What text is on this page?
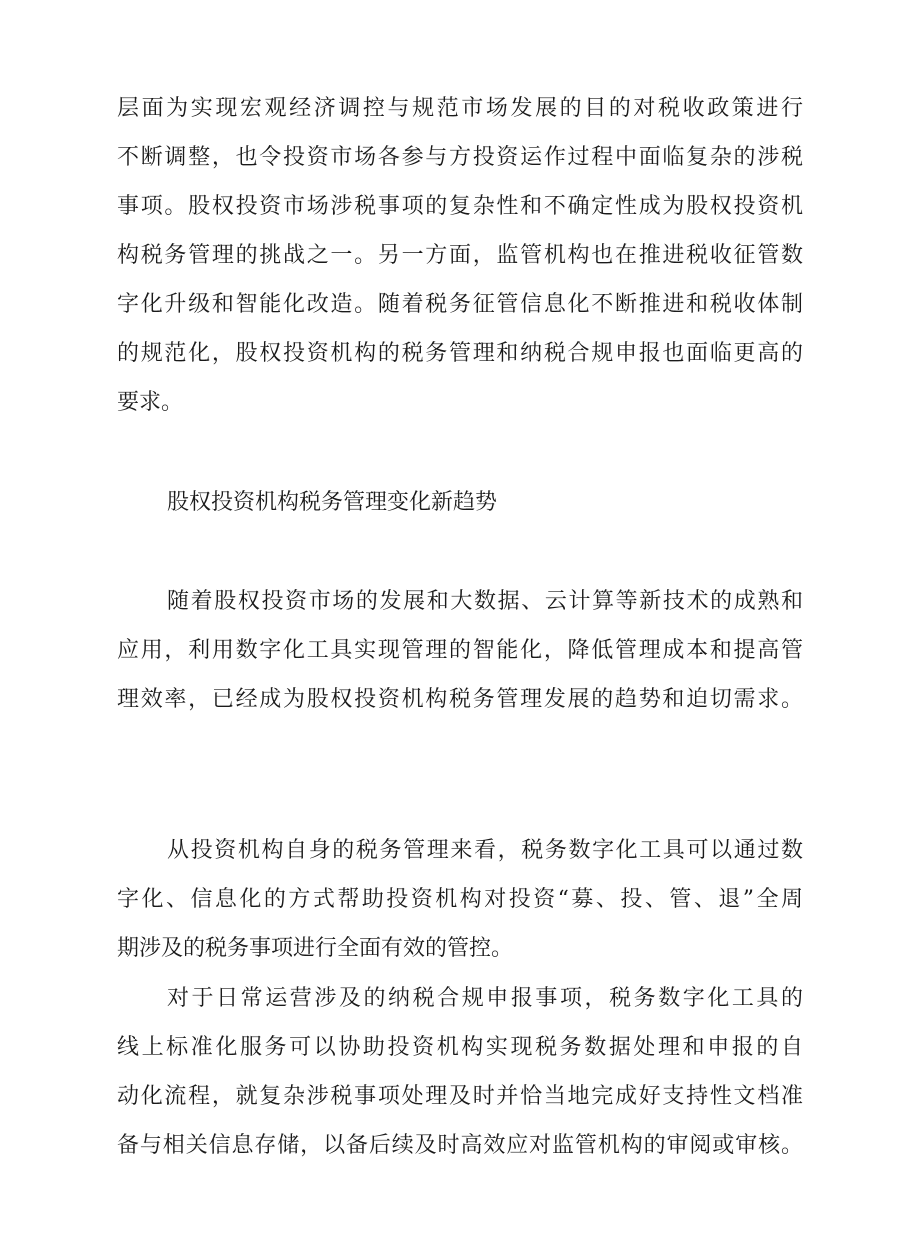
层面为实现宏观经济调控与规范市场发展的目的对税收政策进行

不断调整，也令投资市场各参与方投资运作过程中面临复杂的涉税

事项。股权投资市场涉税事项的复杂性和不确定性成为股权投资机

构税务管理的挑战之一。另一方面，监管机构也在推进税收征管数

字化升级和智能化改造。随着税务征管信息化不断推进和税收体制

的规范化，股权投资机构的税务管理和纳税合规申报也面临更高的

要求。

股权投资机构税务管理变化新趋势

随着股权投资市场的发展和大数据、云计算等新技术的成熟和

应用，利用数字化工具实现管理的智能化，降低管理成本和提高管

理效率，已经成为股权投资机构税务管理发展的趋势和迫切需求。

从投资机构自身的税务管理来看，税务数字化工具可以通过数

字化、信息化的方式帮助投资机构对投资“募、投、管、退”全周

期涉及的税务事项进行全面有效的管控。

对于日常运营涉及的纳税合规申报事项，税务数字化工具的

线上标准化服务可以协助投资机构实现税务数据处理和申报的自

动化流程，就复杂涉税事项处理及时并恰当地完成好支持性文档准

备与相关信息存储，以备后续及时高效应对监管机构的审阅或审核。
